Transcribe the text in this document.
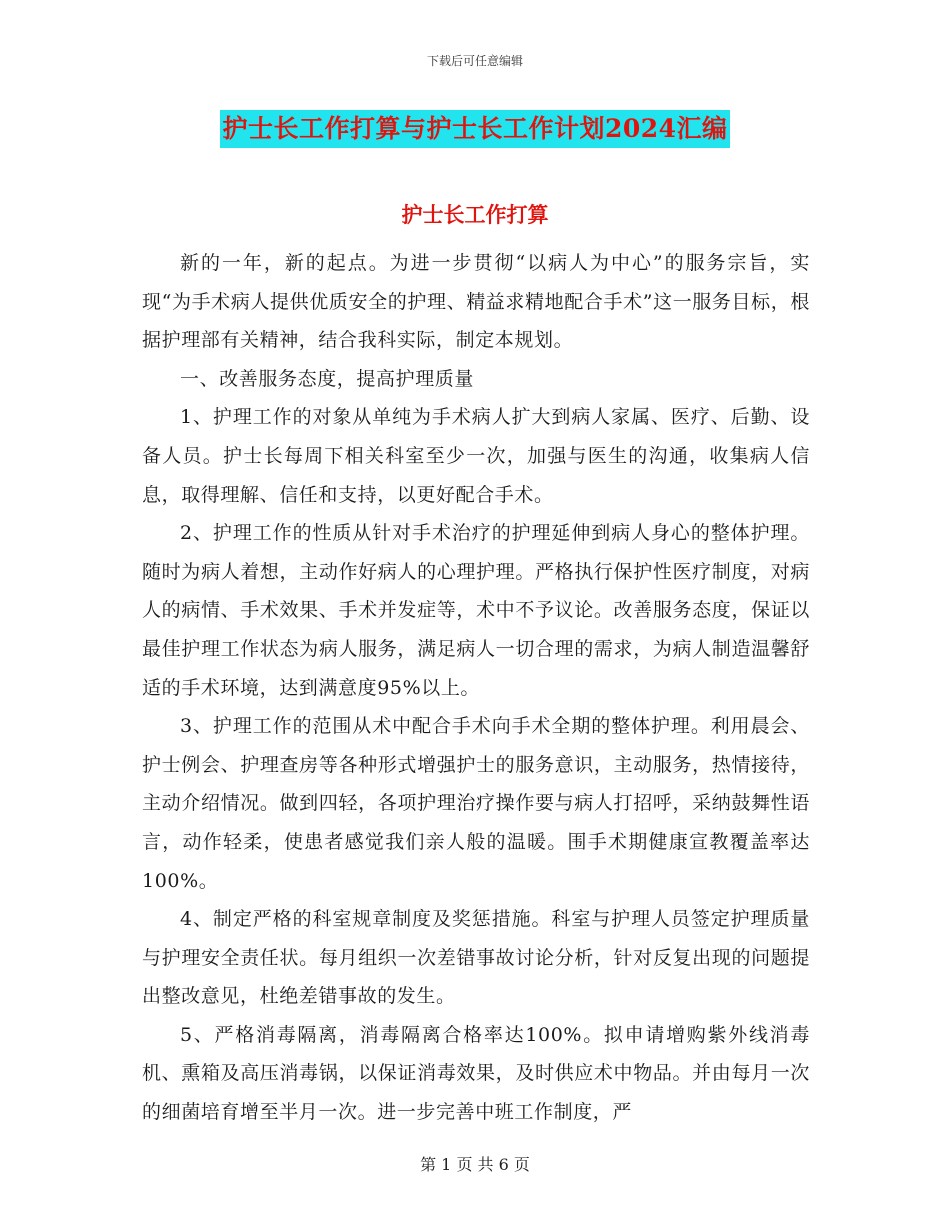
下载后可任意编辑
护士长工作打算与护士长工作计划2024汇编
护士长工作打算

新的一年，新的起点。为进一步贯彻“以病人为中心”的服务宗旨，实现“为手术病人提供优质安全的护理、精益求精地配合手术”这一服务目标，根据护理部有关精神，结合我科实际，制定本规划。

一、改善服务态度，提高护理质量

1、护理工作的对象从单纯为手术病人扩大到病人家属、医疗、后勤、设备人员。护士长每周下相关科室至少一次，加强与医生的沟通，收集病人信息，取得理解、信任和支持，以更好配合手术。

2、护理工作的性质从针对手术治疗的护理延伸到病人身心的整体护理。随时为病人着想，主动作好病人的心理护理。严格执行保护性医疗制度，对病人的病情、手术效果、手术并发症等，术中不予议论。改善服务态度，保证以最佳护理工作状态为病人服务，满足病人一切合理的需求，为病人制造温馨舒适的手术环境，达到满意度95%以上。

3、护理工作的范围从术中配合手术向手术全期的整体护理。利用晨会、护士例会、护理查房等各种形式增强护士的服务意识，主动服务，热情接待，主动介绍情况。做到四轻，各项护理治疗操作要与病人打招呼，采纳鼓舞性语言，动作轻柔，使患者感觉我们亲人般的温暖。围手术期健康宣教覆盖率达100%。

4、制定严格的科室规章制度及奖惩措施。科室与护理人员签定护理质量与护理安全责任状。每月组织一次差错事故讨论分析，针对反复出现的问题提出整改意见，杜绝差错事故的发生。

5、严格消毒隔离，消毒隔离合格率达100%。拟申请增购紫外线消毒机、熏箱及高压消毒锅，以保证消毒效果，及时供应术中物品。并由每月一次的细菌培育增至半月一次。进一步完善中班工作制度，严

第 1 页 共 6 页
